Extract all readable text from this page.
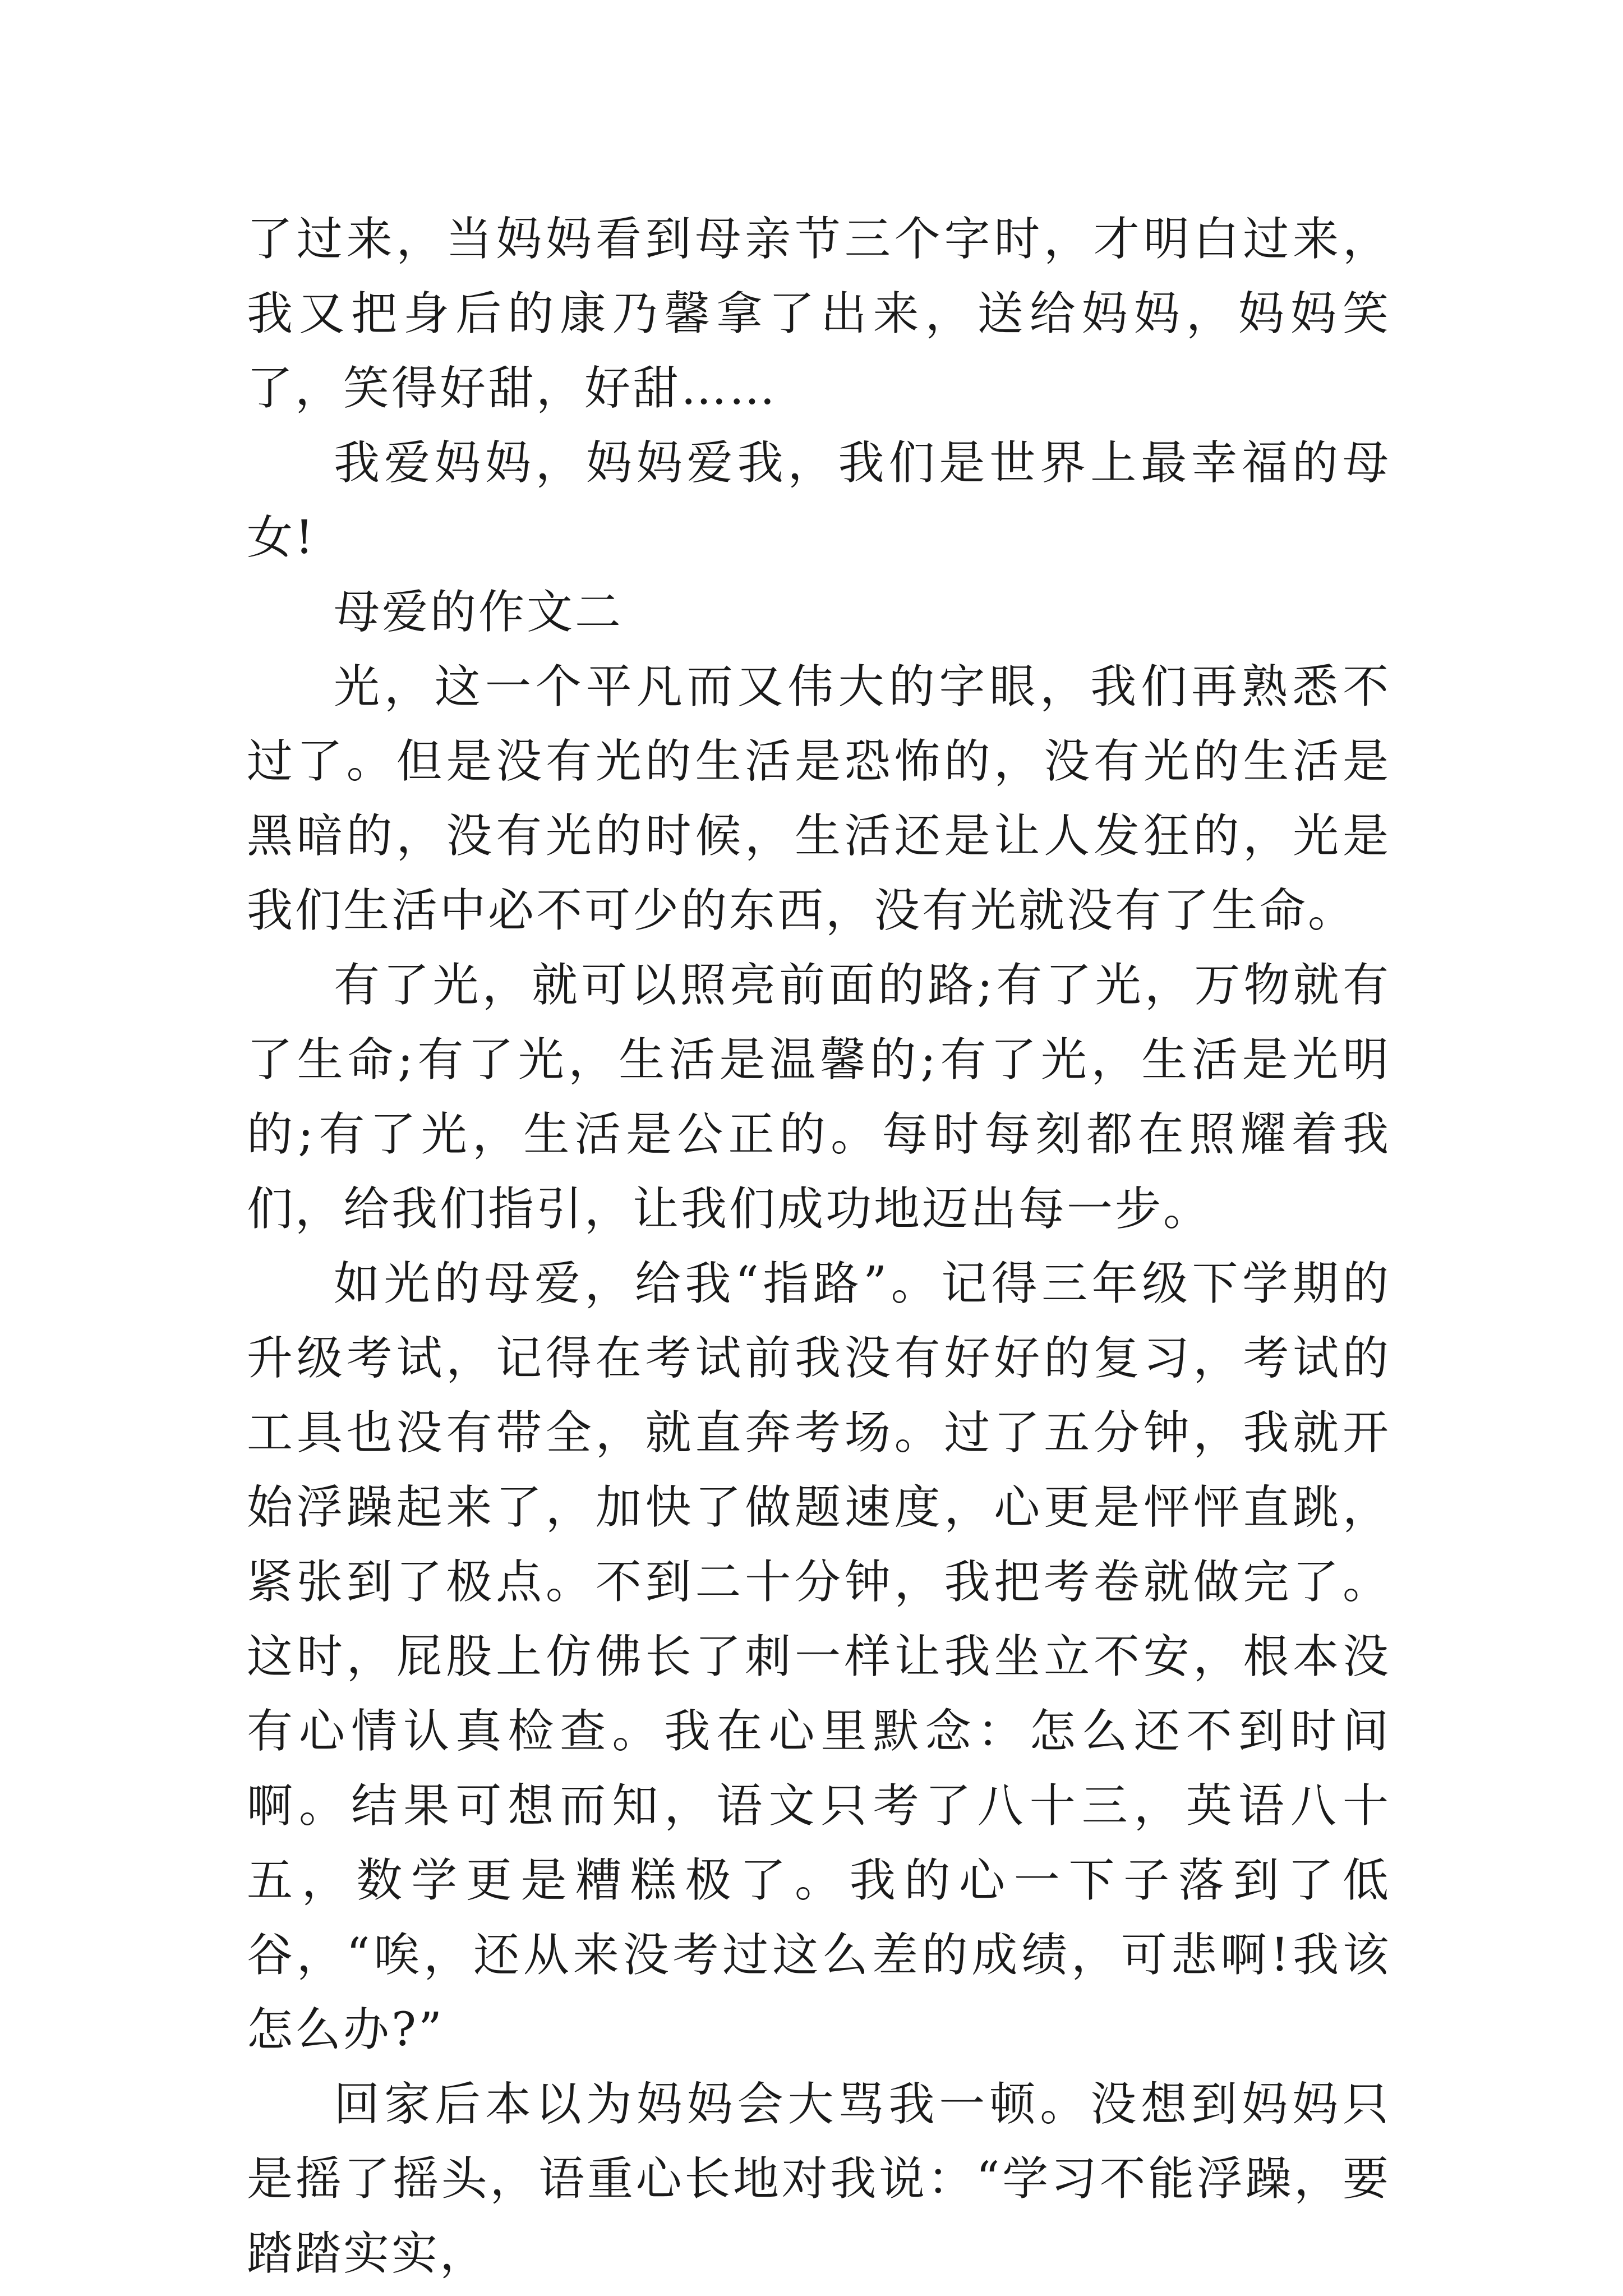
了过来，当妈妈看到母亲节三个字时，才明白过来，我又把身后的康乃馨拿了出来，送给妈妈，妈妈笑了，笑得好甜，好甜……

我爱妈妈，妈妈爱我，我们是世界上最幸福的母女!

母爱的作文二

光，这一个平凡而又伟大的字眼，我们再熟悉不过了。但是没有光的生活是恐怖的，没有光的生活是黑暗的，没有光的时候，生活还是让人发狂的，光是我们生活中必不可少的东西，没有光就没有了生命。

有了光，就可以照亮前面的路;有了光，万物就有了生命;有了光，生活是温馨的;有了光，生活是光明的;有了光，生活是公正的。每时每刻都在照耀着我们，给我们指引，让我们成功地迈出每一步。

如光的母爱，给我“指路”。记得三年级下学期的升级考试，记得在考试前我没有好好的复习，考试的工具也没有带全，就直奔考场。过了五分钟，我就开始浮躁起来了，加快了做题速度，心更是怦怦直跳，紧张到了极点。不到二十分钟，我把考卷就做完了。这时，屁股上仿佛长了刺一样让我坐立不安，根本没有心情认真检查。我在心里默念：怎么还不到时间啊。结果可想而知，语文只考了八十三，英语八十五，数学更是糟糕极了。我的心一下子落到了低谷，“唉，还从来没考过这么差的成绩，可悲啊!我该怎么办?”

回家后本以为妈妈会大骂我一顿。没想到妈妈只是摇了摇头，语重心长地对我说：“学习不能浮躁，要踏踏实实，
